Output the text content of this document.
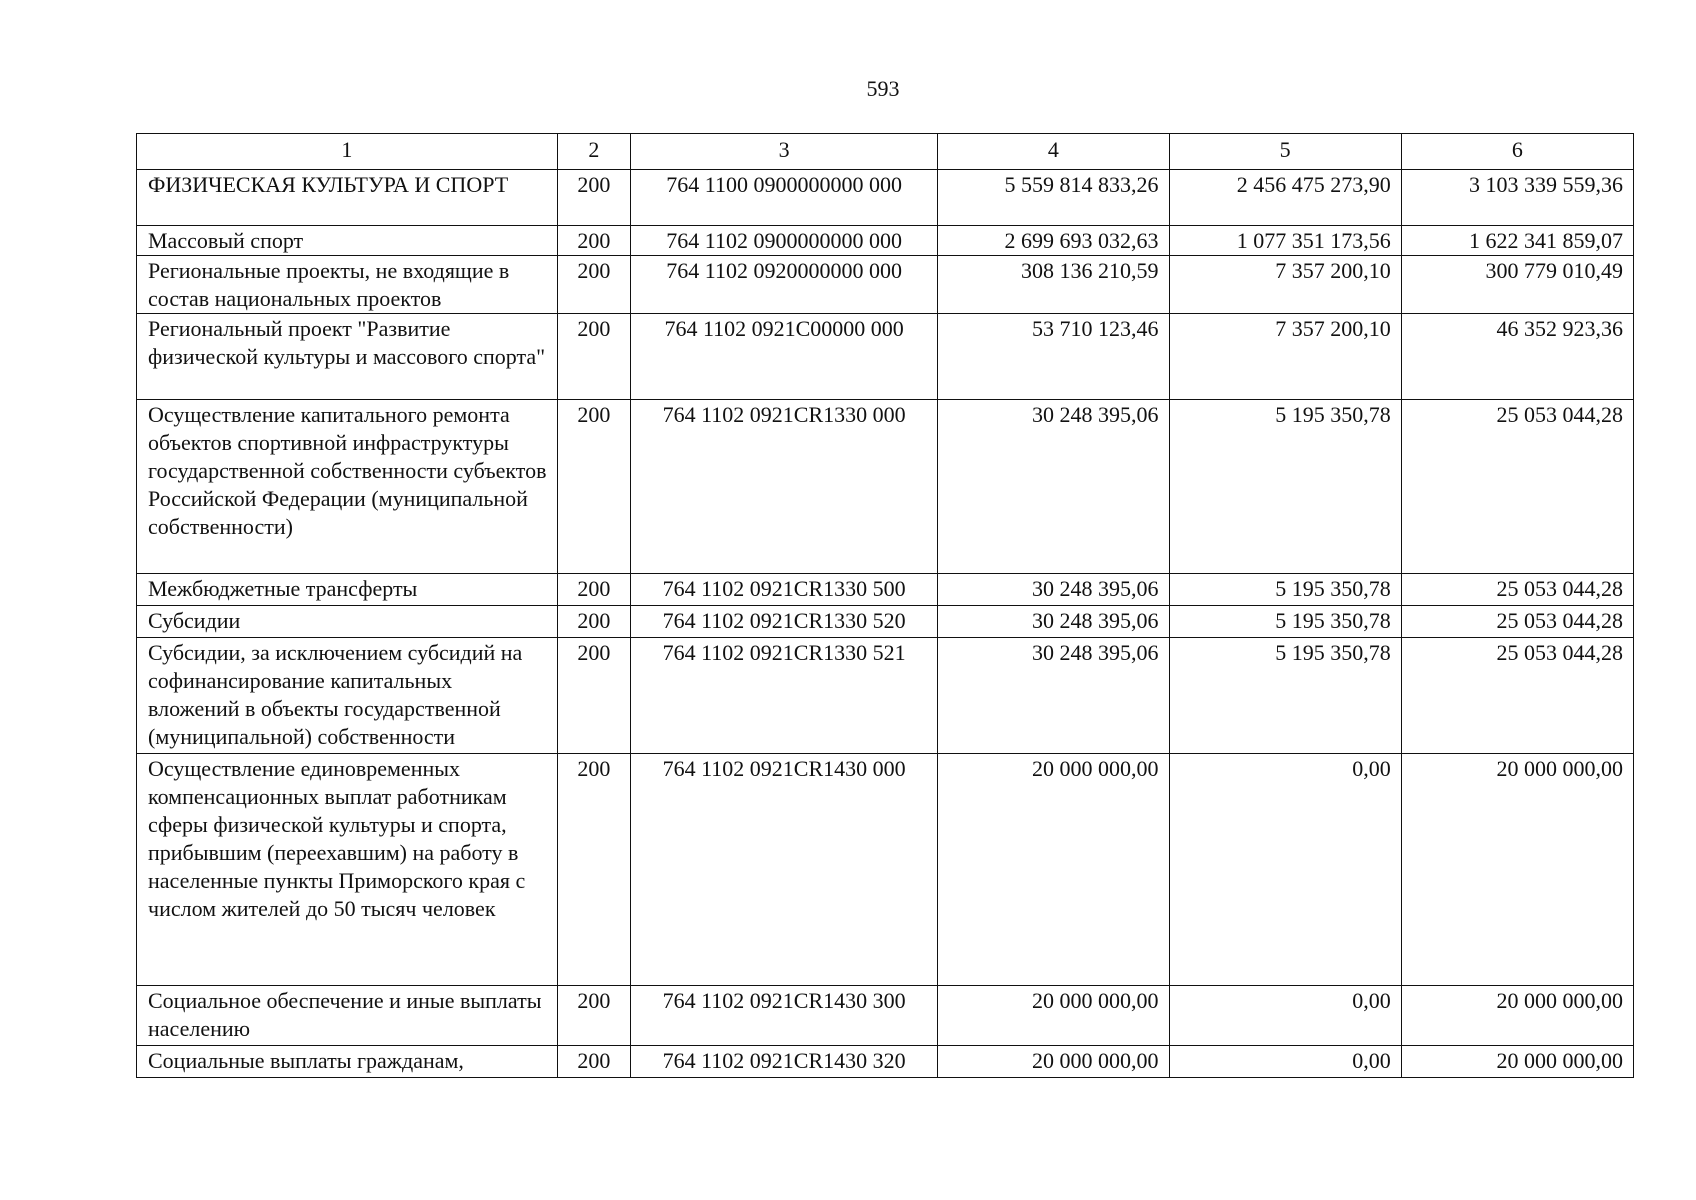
593
1	2	3	4	5	6
ФИЗИЧЕСКАЯ КУЛЬТУРА И СПОРТ	200	764 1100 0900000000 000	5 559 814 833,26	2 456 475 273,90	3 103 339 559,36
Массовый спорт	200	764 1102 0900000000 000	2 699 693 032,63	1 077 351 173,56	1 622 341 859,07
Региональные проекты, не входящие в состав национальных проектов	200	764 1102 0920000000 000	308 136 210,59	7 357 200,10	300 779 010,49
Региональный проект "Развитие физической культуры и массового спорта"	200	764 1102 0921С00000 000	53 710 123,46	7 357 200,10	46 352 923,36
Осуществление капитального ремонта объектов спортивной инфраструктуры государственной собственности субъектов Российской Федерации (муниципальной собственности)	200	764 1102 0921CR1330 000	30 248 395,06	5 195 350,78	25 053 044,28
Межбюджетные трансферты	200	764 1102 0921CR1330 500	30 248 395,06	5 195 350,78	25 053 044,28
Субсидии	200	764 1102 0921CR1330 520	30 248 395,06	5 195 350,78	25 053 044,28
Субсидии, за исключением субсидий на софинансирование капитальных вложений в объекты государственной (муниципальной) собственности	200	764 1102 0921CR1330 521	30 248 395,06	5 195 350,78	25 053 044,28
Осуществление единовременных компенсационных выплат работникам сферы физической культуры и спорта, прибывшим (переехавшим) на работу в населенные пункты Приморского края с числом жителей до 50 тысяч человек	200	764 1102 0921CR1430 000	20 000 000,00	0,00	20 000 000,00
Социальное обеспечение и иные выплаты населению	200	764 1102 0921CR1430 300	20 000 000,00	0,00	20 000 000,00
Социальные выплаты гражданам,	200	764 1102 0921CR1430 320	20 000 000,00	0,00	20 000 000,00
